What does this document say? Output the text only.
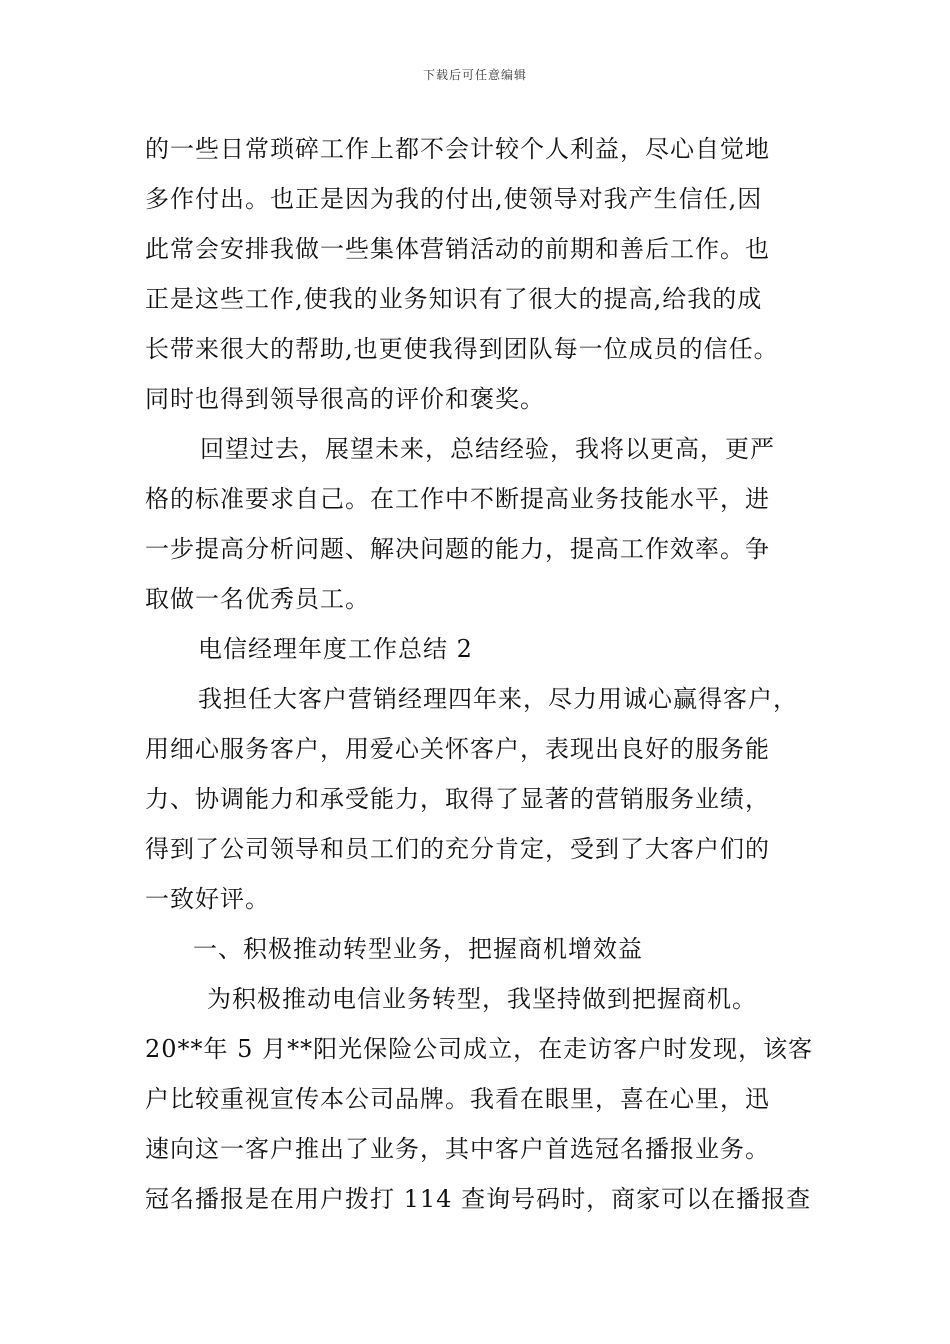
下载后可任意编辑
的一些日常琐碎工作上都不会计较个人利益，尽心自觉地
多作付出。也正是因为我的付出,使领导对我产生信任,因
此常会安排我做一些集体营销活动的前期和善后工作。也
正是这些工作,使我的业务知识有了很大的提高,给我的成
长带来很大的帮助,也更使我得到团队每一位成员的信任。
同时也得到领导很高的评价和褒奖。
回望过去，展望未来，总结经验，我将以更高，更严
格的标准要求自己。在工作中不断提高业务技能水平，进
一步提高分析问题、解决问题的能力，提高工作效率。争
取做一名优秀员工。
电信经理年度工作总结 2
我担任大客户营销经理四年来，尽力用诚心赢得客户，
用细心服务客户，用爱心关怀客户，表现出良好的服务能
力、协调能力和承受能力，取得了显著的营销服务业绩，
得到了公司领导和员工们的充分肯定，受到了大客户们的
一致好评。
一、积极推动转型业务，把握商机增效益
为积极推动电信业务转型，我坚持做到把握商机。
20**年 5 月**阳光保险公司成立，在走访客户时发现，该客
户比较重视宣传本公司品牌。我看在眼里，喜在心里，迅
速向这一客户推出了业务，其中客户首选冠名播报业务。
冠名播报是在用户拨打 114 查询号码时，商家可以在播报查
